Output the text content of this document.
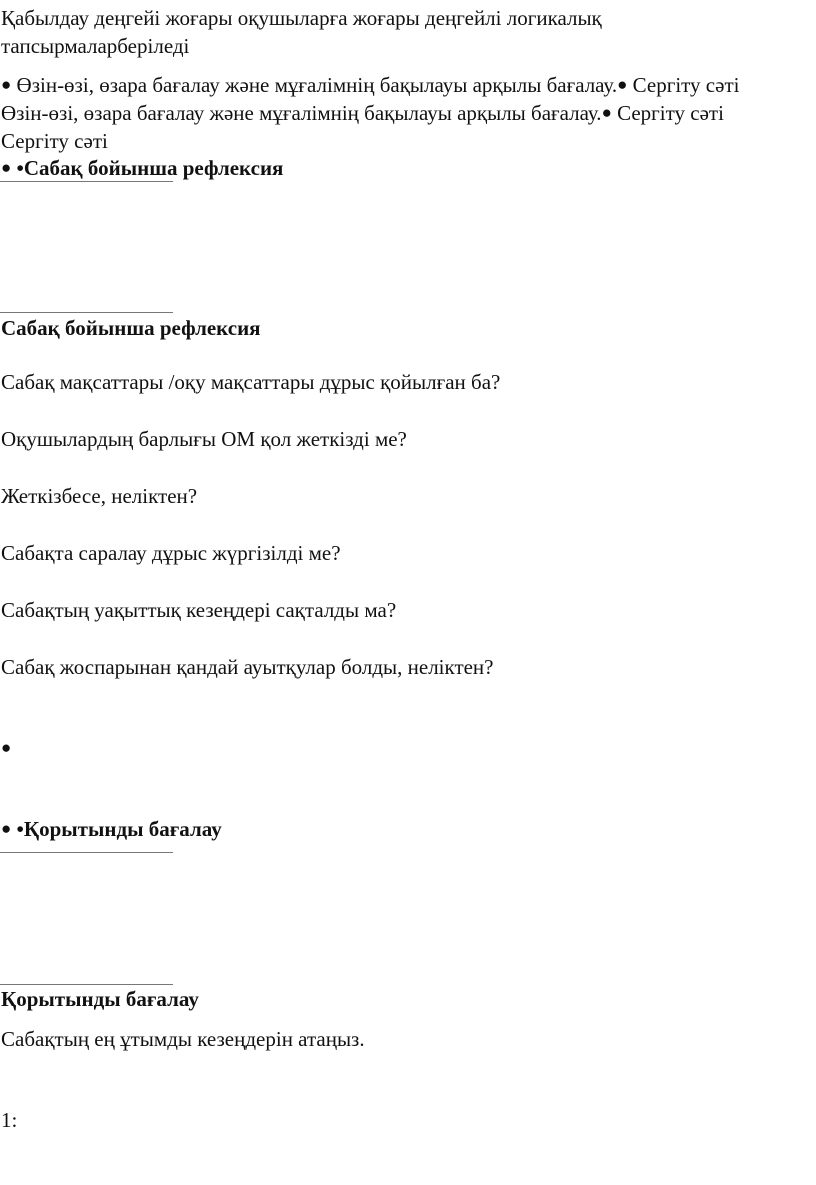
Қабылдау деңгейі жоғары оқушыларға жоғары деңгейлі логикалық
тапсырмаларберіледі
● Өзін-өзі, өзара бағалау және мұғалімнің бақылауы арқылы бағалау.● Сергіту сәті
Өзін-өзі, өзара бағалау және мұғалімнің бақылауы арқылы бағалау.● Сергіту сәті
Сергіту сәті
● •Сабақ бойынша рефлексия
Сабақ бойынша рефлексия
Сабақ мақсаттары /оқу мақсаттары дұрыс қойылған ба?
Оқушылардың барлығы ОМ қол жеткізді ме?
Жеткізбесе, неліктен?
Сабақта саралау дұрыс жүргізілді ме?
Сабақтың уақыттық кезеңдері сақталды ма?
Сабақ жоспарынан қандай ауытқулар болды, неліктен?
●
● •Қорытынды бағалау
Қорытынды бағалау
Сабақтың ең ұтымды кезеңдерін атаңыз.
1:
